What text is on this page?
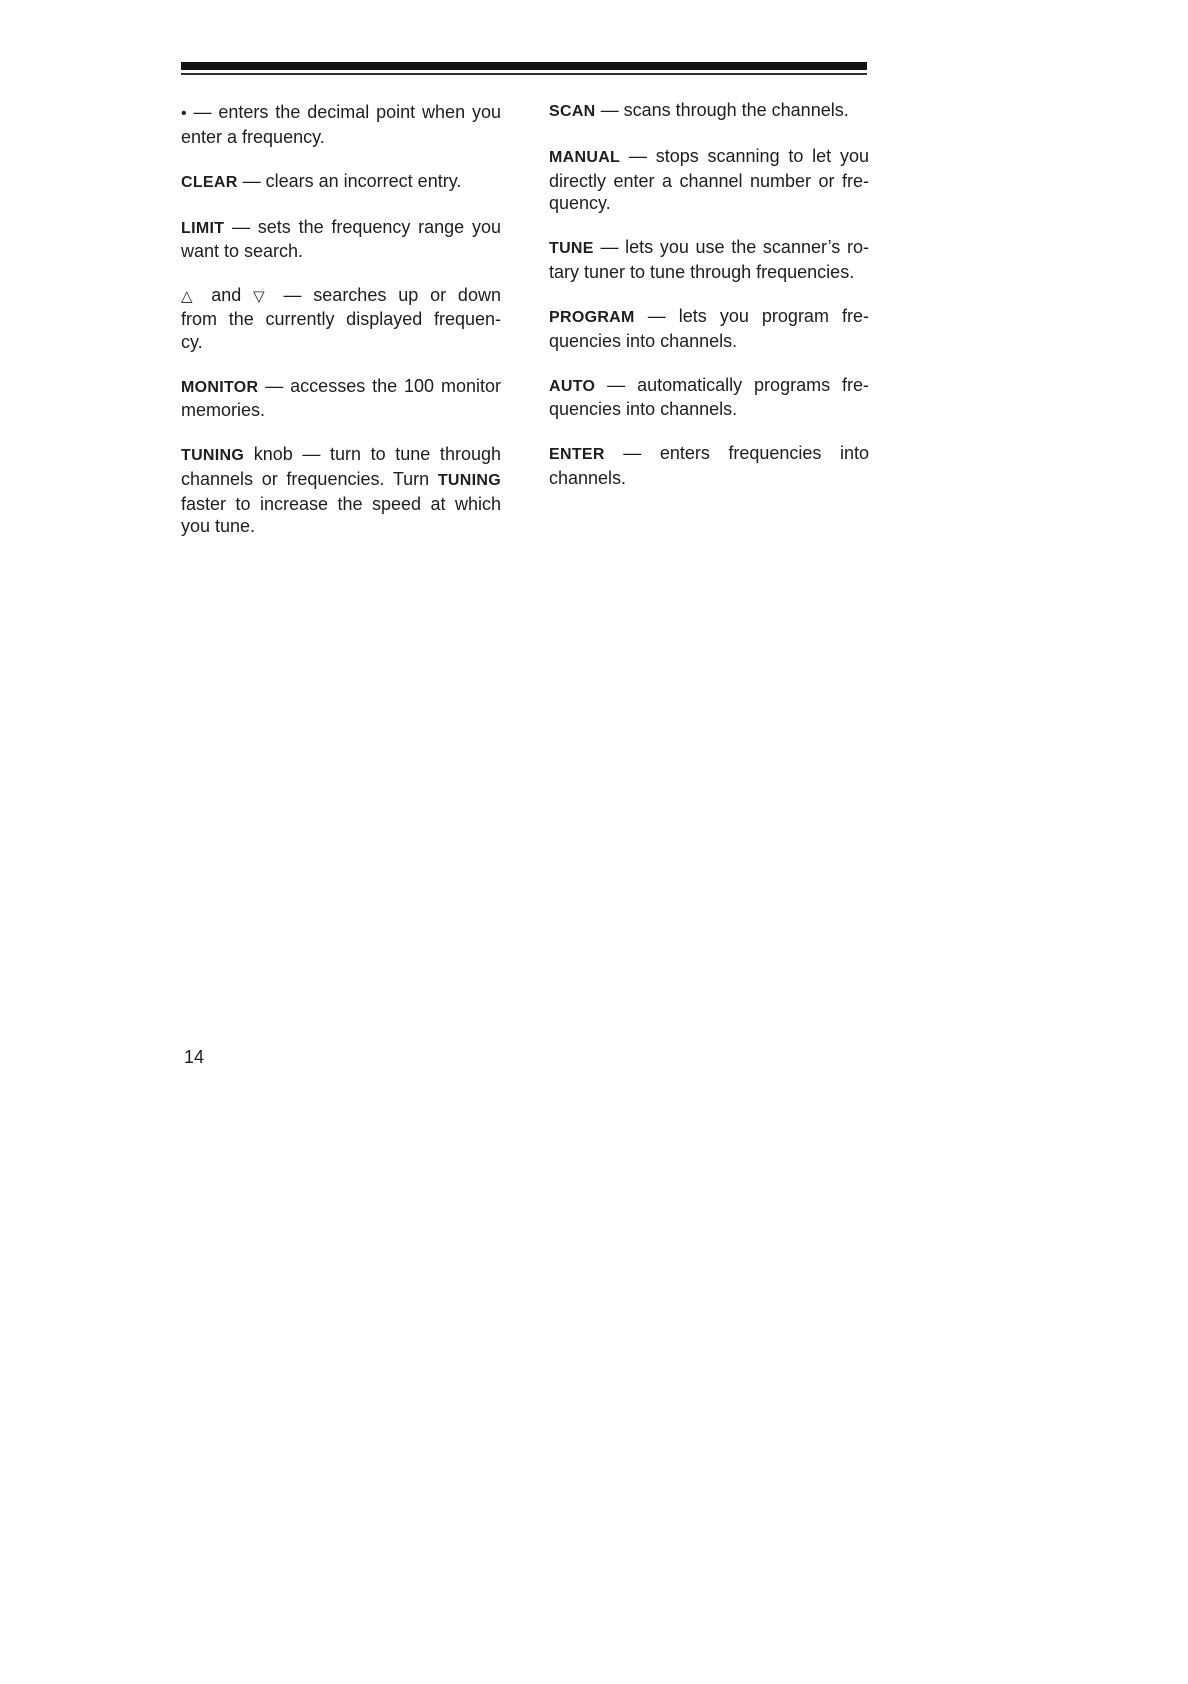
• — enters the decimal point when you
enter a frequency.
CLEAR — clears an incorrect entry.
LIMIT — sets the frequency range you
want to search.
△ and ▽ — searches up or down
from the currently displayed frequen-
cy.
MONITOR — accesses the 100 monitor
memories.
TUNING knob — turn to tune through
channels or frequencies. Turn TUNING
faster to increase the speed at which
you tune.
SCAN — scans through the channels.
MANUAL — stops scanning to let you
directly enter a channel number or fre-
quency.
TUNE — lets you use the scanner’s ro-
tary tuner to tune through frequencies.
PROGRAM — lets you program fre-
quencies into channels.
AUTO — automatically programs fre-
quencies into channels.
ENTER — enters frequencies into
channels.
14
